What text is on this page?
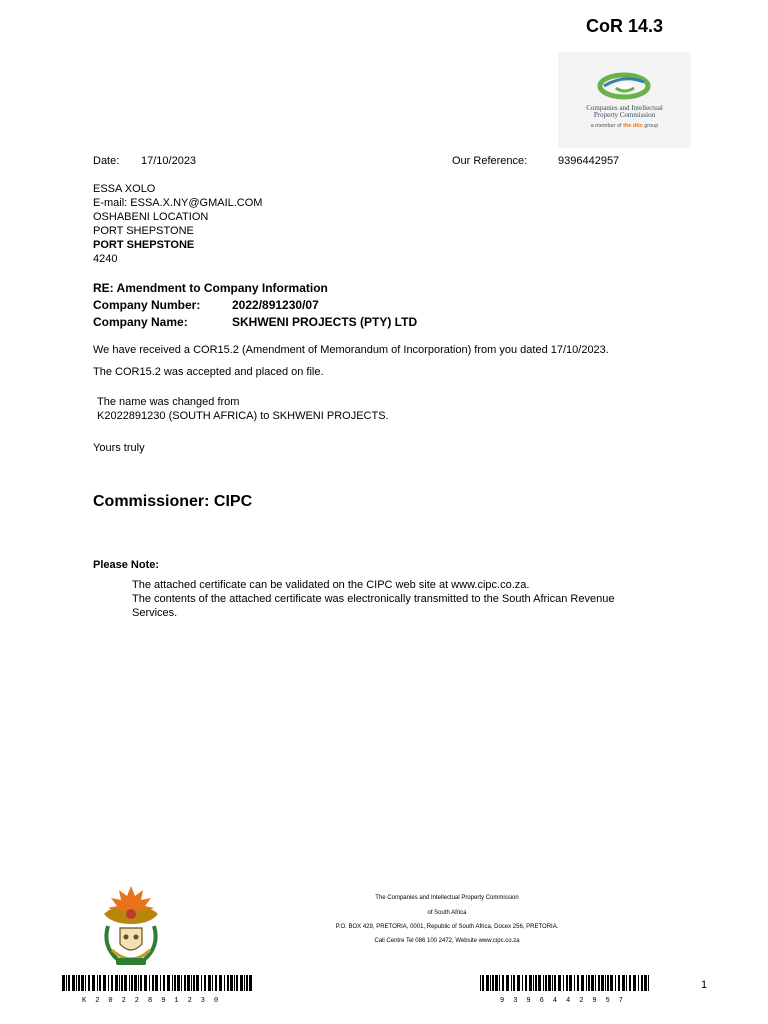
CoR 14.3
Companies and Intellectual
Property Commission
a member of the dtic group
Date: 17/10/2023	Our Reference:	9396442957
ESSA XOLO
E-mail: ESSA.X.NY@GMAIL.COM
OSHABENI LOCATION
PORT SHEPSTONE
PORT SHEPSTONE
4240
RE: Amendment to Company Information
Company Number:	2022/891230/07
Company Name:	SKHWENI PROJECTS (PTY) LTD
We have received a COR15.2 (Amendment of Memorandum of Incorporation) from you dated 17/10/2023.
The COR15.2 was accepted and placed on file.
The name was changed from
K2022891230 (SOUTH AFRICA) to SKHWENI PROJECTS.
Yours truly
Commissioner: CIPC
Please Note:
The attached certificate can be validated on the CIPC web site at www.cipc.co.za.
The contents of the attached certificate was electronically transmitted to the South African Revenue
Services.
The Companies and Intellectual Property Commission
of South Africa
P.O. BOX 429, PRETORIA, 0001, Republic of South Africa, Docex 256, PRETORIA.
Call Centre Tel 086 100 2472, Website www.cipc.co.za
K2022891230	9396442957
1
